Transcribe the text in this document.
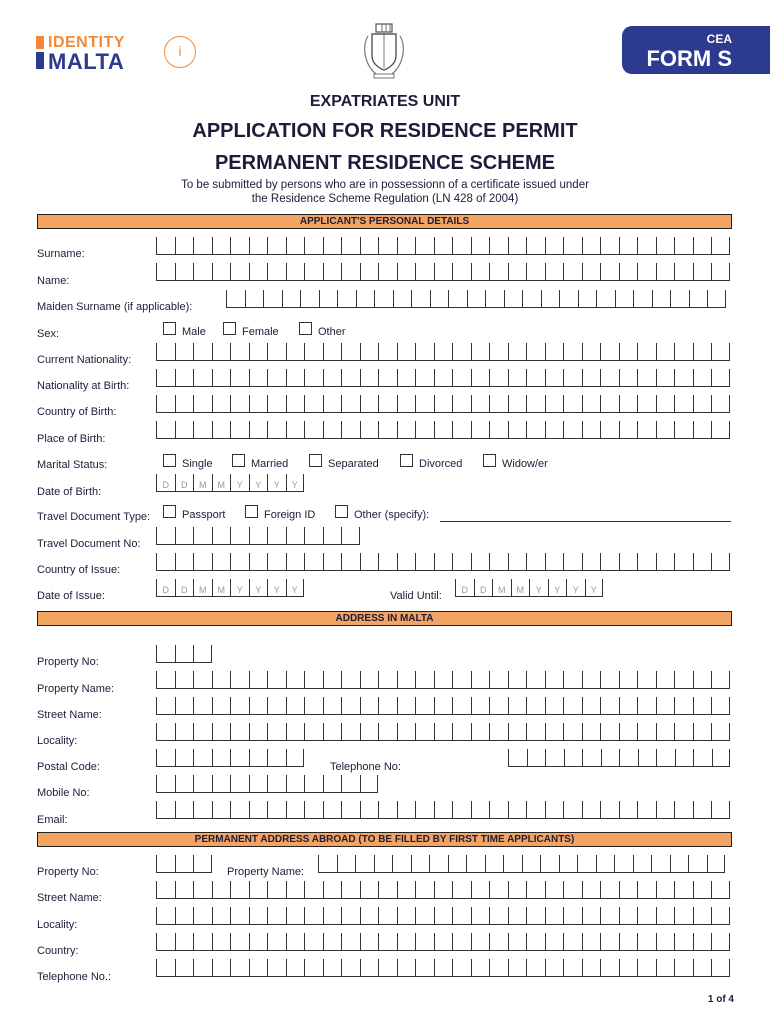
IDENTITY
MALTA	i
CEA
FORM S
EXPATRIATES UNIT
APPLICATION FOR RESIDENCE PERMIT
PERMANENT RESIDENCE SCHEME
To be submitted by persons who are in possessionn of a certificate issued under
the Residence Scheme Regulation (LN 428 of 2004)
APPLICANT'S PERSONAL DETAILS
Surname:
Name:
Maiden Surname (if applicable):
Sex:	Male	Female	Other
Current Nationality:
Nationality at Birth:
Country of Birth:
Place of Birth:
Marital Status:	Single	Married	Separated	Divorced	Widow/er
Date of Birth:
D	D	M	M	Y	Y	Y	Y
Travel Document Type:	Passport	Foreign ID	Other (specify):
Travel Document No:
Country of Issue:
Date of Issue:	D	D	M	M	Y	Y	Y	Y	Valid Until:	D	D	M	M	Y	Y	Y	Y
ADDRESS IN MALTA
Property No:
Property Name:
Street Name:
Locality:
Postal Code:	Telephone No:
Mobile No:
Email:
PERMANENT ADDRESS ABROAD (TO BE FILLED BY FIRST TIME APPLICANTS)
Property No:	Property Name:
Street Name:
Locality:
Country:
Telephone No.:
1 of 4
